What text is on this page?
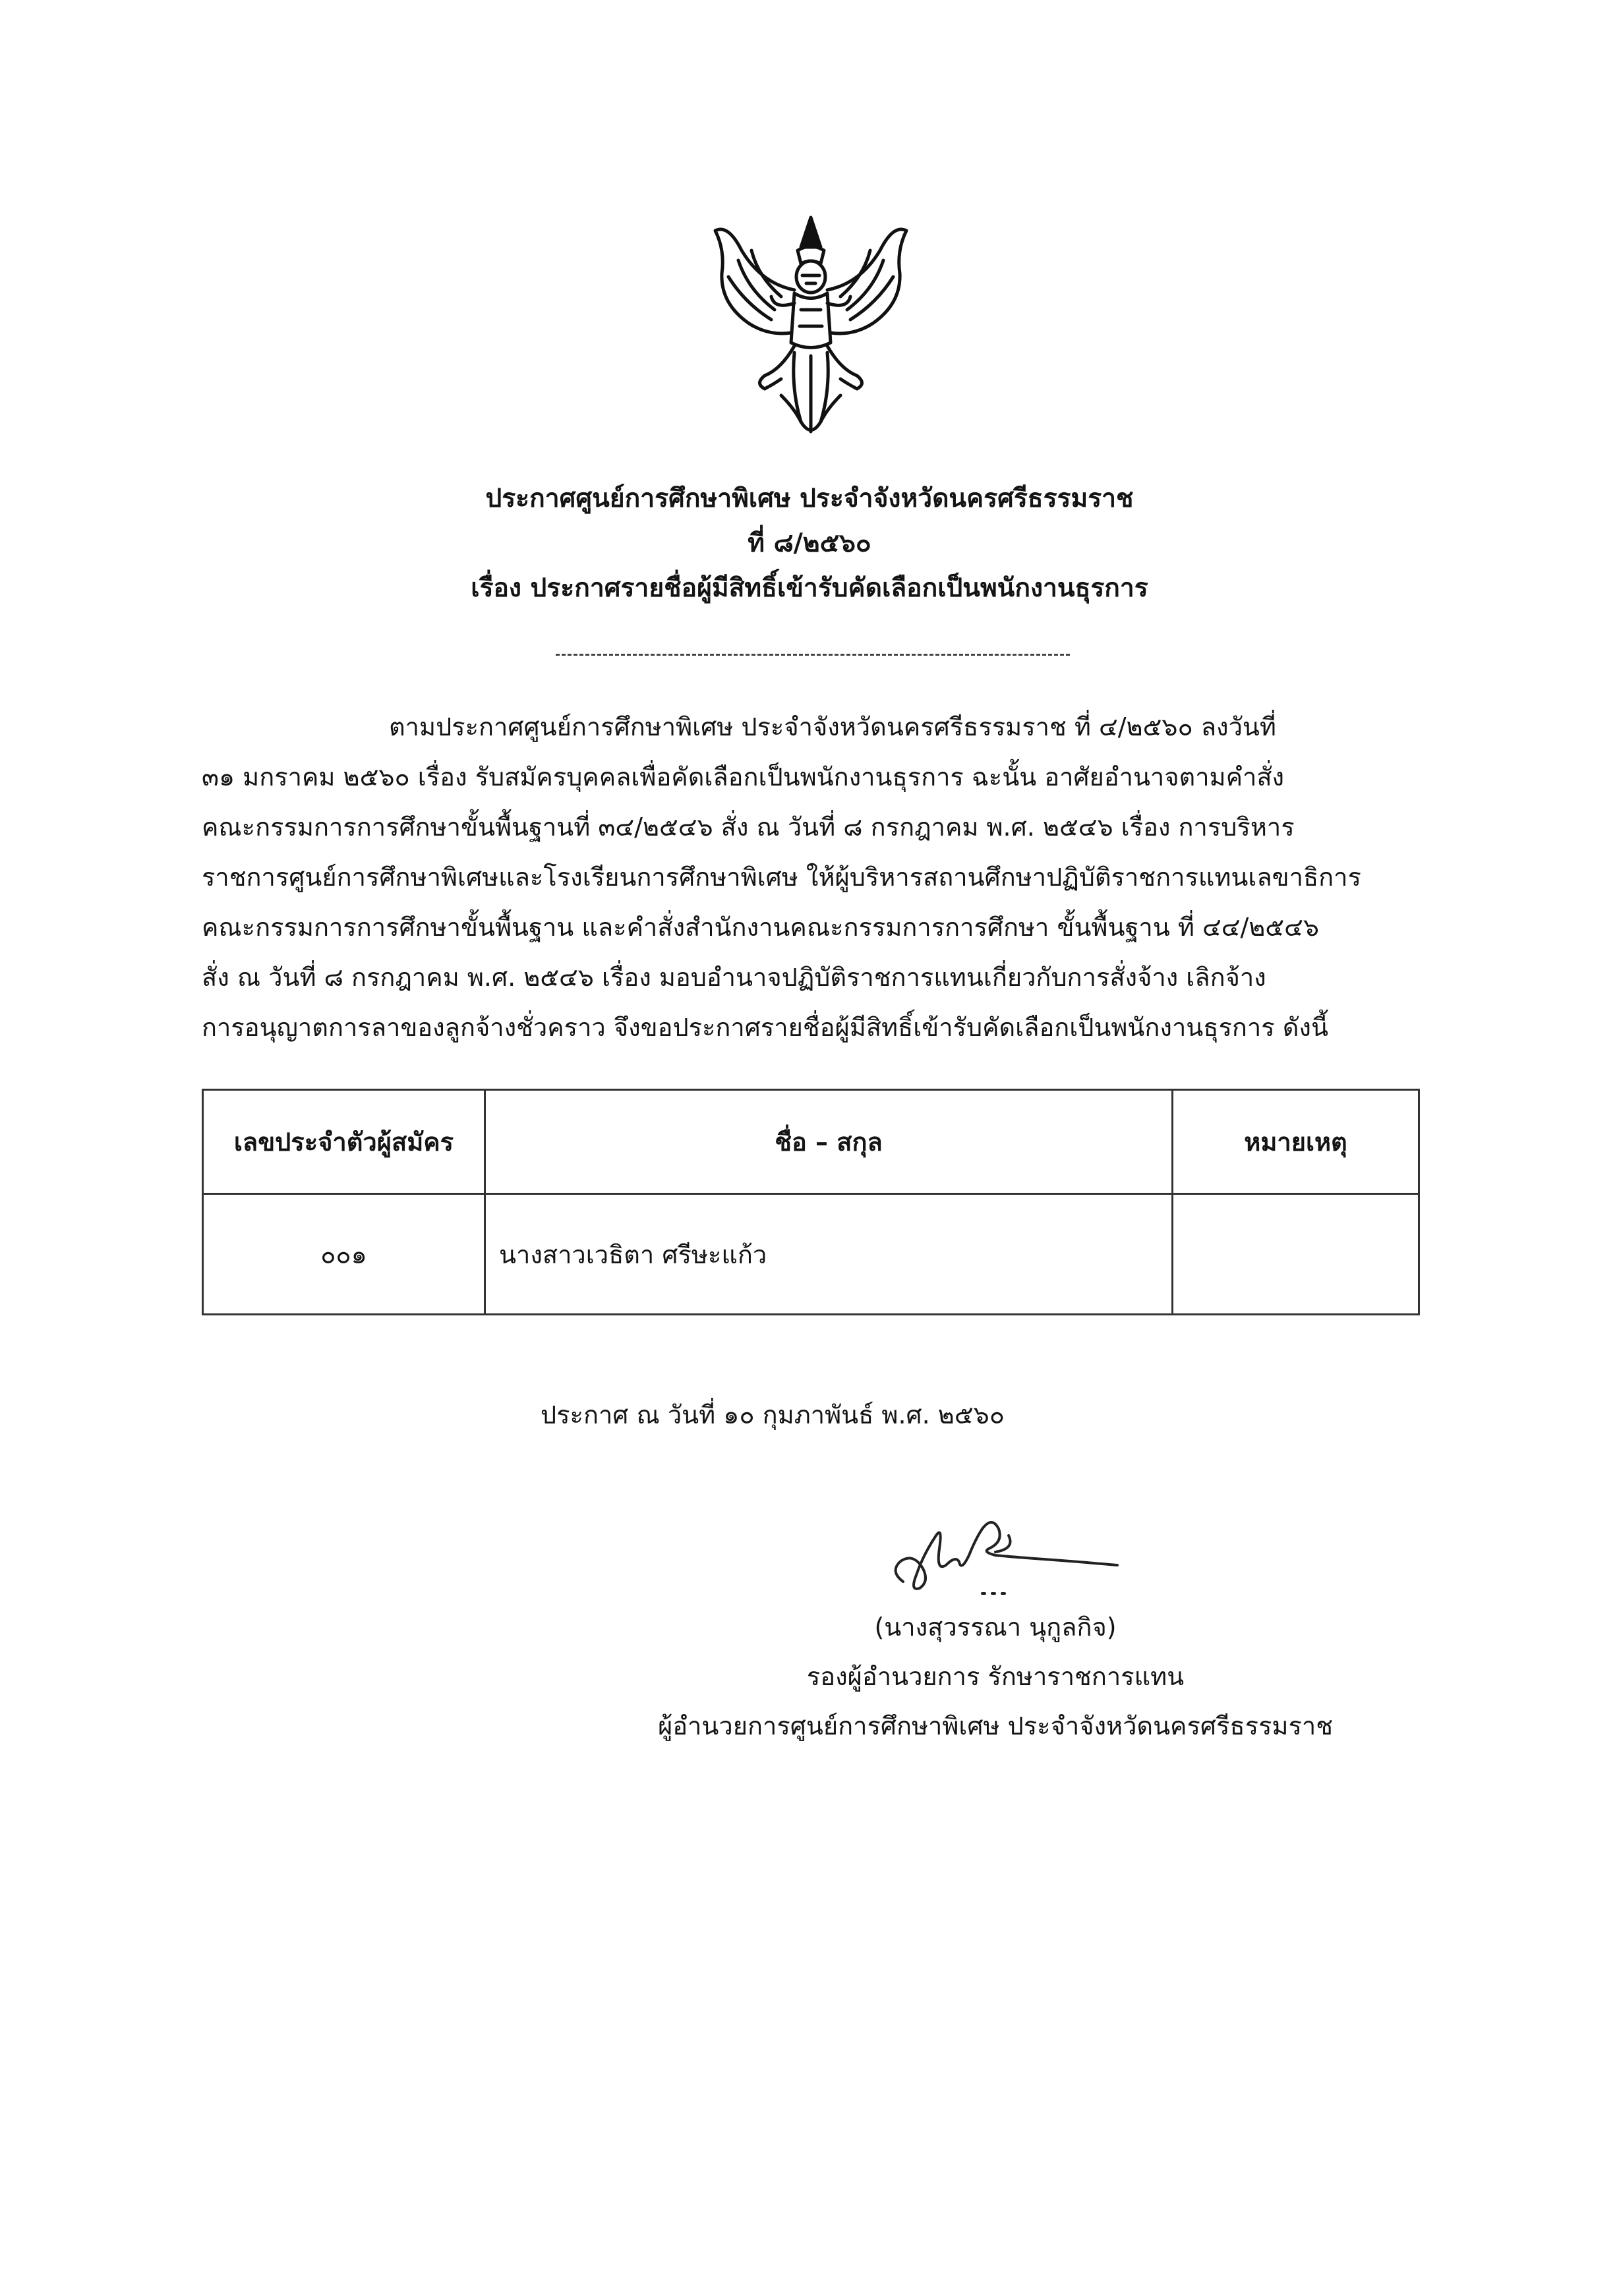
ประกาศศูนย์การศึกษาพิเศษ ประจำจังหวัดนครศรีธรรมราช
ที่ ๘/๒๕๖๐
เรื่อง ประกาศรายชื่อผู้มีสิทธิ์เข้ารับคัดเลือกเป็นพนักงานธุรการ
ตามประกาศศูนย์การศึกษาพิเศษ ประจำจังหวัดนครศรีธรรมราช ที่ ๔/๒๕๖๐ ลงวันที่
๓๑ มกราคม ๒๕๖๐ เรื่อง รับสมัครบุคคลเพื่อคัดเลือกเป็นพนักงานธุรการ ฉะนั้น อาศัยอำนาจตามคำสั่ง
คณะกรรมการการศึกษาขั้นพื้นฐานที่ ๓๔/๒๕๔๖ สั่ง ณ วันที่ ๘ กรกฎาคม พ.ศ. ๒๕๔๖ เรื่อง การบริหาร
ราชการศูนย์การศึกษาพิเศษและโรงเรียนการศึกษาพิเศษ ให้ผู้บริหารสถานศึกษาปฏิบัติราชการแทนเลขาธิการ
คณะกรรมการการศึกษาขั้นพื้นฐาน และคำสั่งสำนักงานคณะกรรมการการศึกษา ขั้นพื้นฐาน ที่ ๔๔/๒๕๔๖
สั่ง ณ วันที่ ๘ กรกฎาคม พ.ศ. ๒๕๔๖ เรื่อง มอบอำนาจปฏิบัติราชการแทนเกี่ยวกับการสั่งจ้าง เลิกจ้าง
การอนุญาตการลาของลูกจ้างชั่วคราว จึงขอประกาศรายชื่อผู้มีสิทธิ์เข้ารับคัดเลือกเป็นพนักงานธุรการ ดังนี้
เลขประจำตัวผู้สมัคร	ชื่อ – สกุล	หมายเหตุ
๐๐๑	นางสาวเวธิตา ศรีษะแก้ว	
ประกาศ ณ วันที่ ๑๐ กุมภาพันธ์ พ.ศ. ๒๕๖๐
(นางสุวรรณา นุกูลกิจ)
รองผู้อำนวยการ รักษาราชการแทน
ผู้อำนวยการศูนย์การศึกษาพิเศษ ประจำจังหวัดนครศรีธรรมราช
